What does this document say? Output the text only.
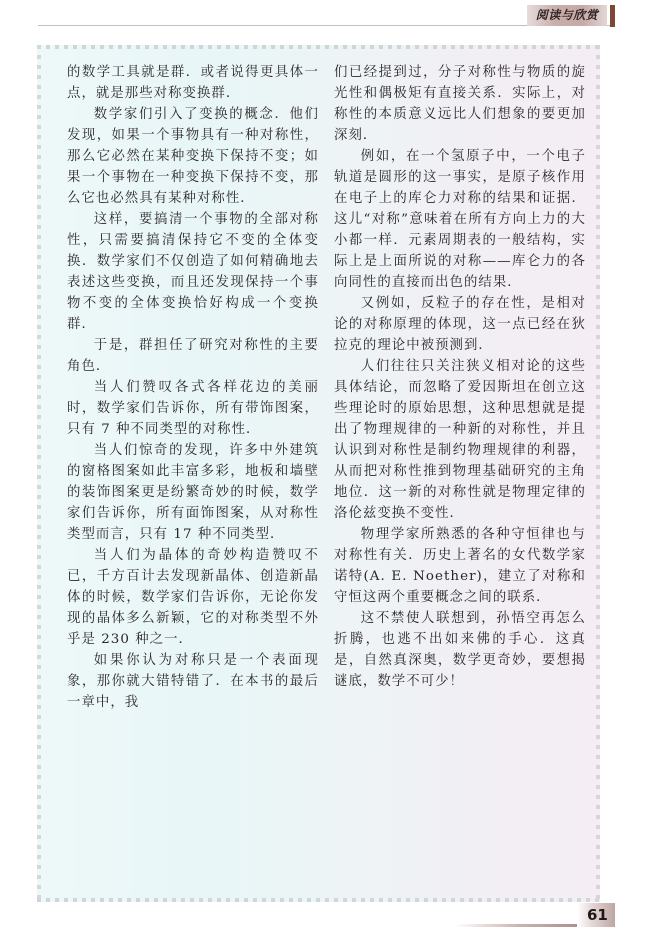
阅读与欣赏

的数学工具就是群．或者说得更具体一点，就是那些对称变换群．

数学家们引入了变换的概念．他们发现，如果一个事物具有一种对称性，那么它必然在某种变换下保持不变；如果一个事物在一种变换下保持不变，那么它也必然具有某种对称性．

这样，要搞清一个事物的全部对称性，只需要搞清保持它不变的全体变换．数学家们不仅创造了如何精确地去表述这些变换，而且还发现保持一个事物不变的全体变换恰好构成一个变换群．

于是，群担任了研究对称性的主要角色．

当人们赞叹各式各样花边的美丽时，数学家们告诉你，所有带饰图案，只有 7 种不同类型的对称性．

当人们惊奇的发现，许多中外建筑的窗格图案如此丰富多彩，地板和墙壁的装饰图案更是纷繁奇妙的时候，数学家们告诉你，所有面饰图案，从对称性类型而言，只有 17 种不同类型．

当人们为晶体的奇妙构造赞叹不已，千方百计去发现新晶体、创造新晶体的时候，数学家们告诉你，无论你发现的晶体多么新颖，它的对称类型不外乎是 230 种之一．

如果你认为对称只是一个表面现象，那你就大错特错了．在本书的最后一章中，我

们已经提到过，分子对称性与物质的旋光性和偶极矩有直接关系．实际上，对称性的本质意义远比人们想象的要更加深刻．

例如，在一个氢原子中，一个电子轨道是圆形的这一事实，是原子核作用在电子上的库仑力对称的结果和证据．这儿“对称”意味着在所有方向上力的大小都一样．元素周期表的一般结构，实际上是上面所说的对称——库仑力的各向同性的直接而出色的结果．

又例如，反粒子的存在性，是相对论的对称原理的体现，这一点已经在狄拉克的理论中被预测到．

人们往往只关注狭义相对论的这些具体结论，而忽略了爱因斯坦在创立这些理论时的原始思想，这种思想就是提出了物理规律的一种新的对称性，并且认识到对称性是制约物理规律的利器，从而把对称性推到物理基础研究的主角地位．这一新的对称性就是物理定律的洛伦兹变换不变性．

物理学家所熟悉的各种守恒律也与对称性有关．历史上著名的女代数学家诺特(A. E. Noether)，建立了对称和守恒这两个重要概念之间的联系．

这不禁使人联想到，孙悟空再怎么折腾，也逃不出如来佛的手心．这真是，自然真深奥，数学更奇妙，要想揭谜底，数学不可少！

61
